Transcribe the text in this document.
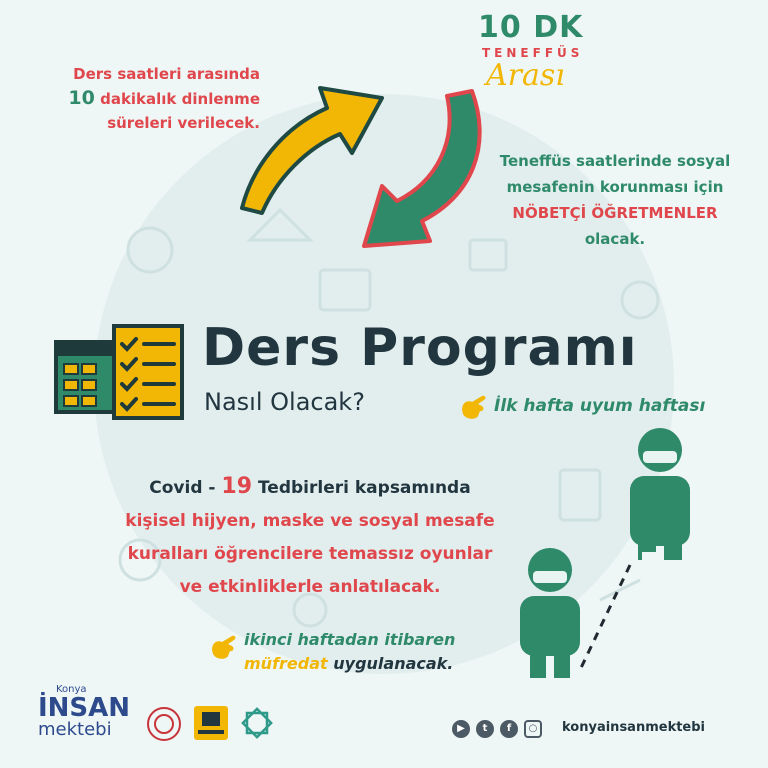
Ders saatleri arasında
10 dakikalık dinlenme
süreleri verilecek.
10 DK
TENEFFÜS
Arası
Teneffüs saatlerinde sosyal
mesafenin korunması için
NÖBETÇİ ÖĞRETMENLER
olacak.
Ders Programı
Nasıl Olacak?	İlk hafta uyum haftası
Covid - 19 Tedbirleri kapsamında
kişisel hijyen, maske ve sosyal mesafe
kuralları öğrencilere temassız oyunlar
ve etkinliklerle anlatılacak.
ikinci haftadan itibaren
müfredat uygulanacak.
Konya
İNSAN
mektebi	▶	t	f	○	konyainsanmektebi
